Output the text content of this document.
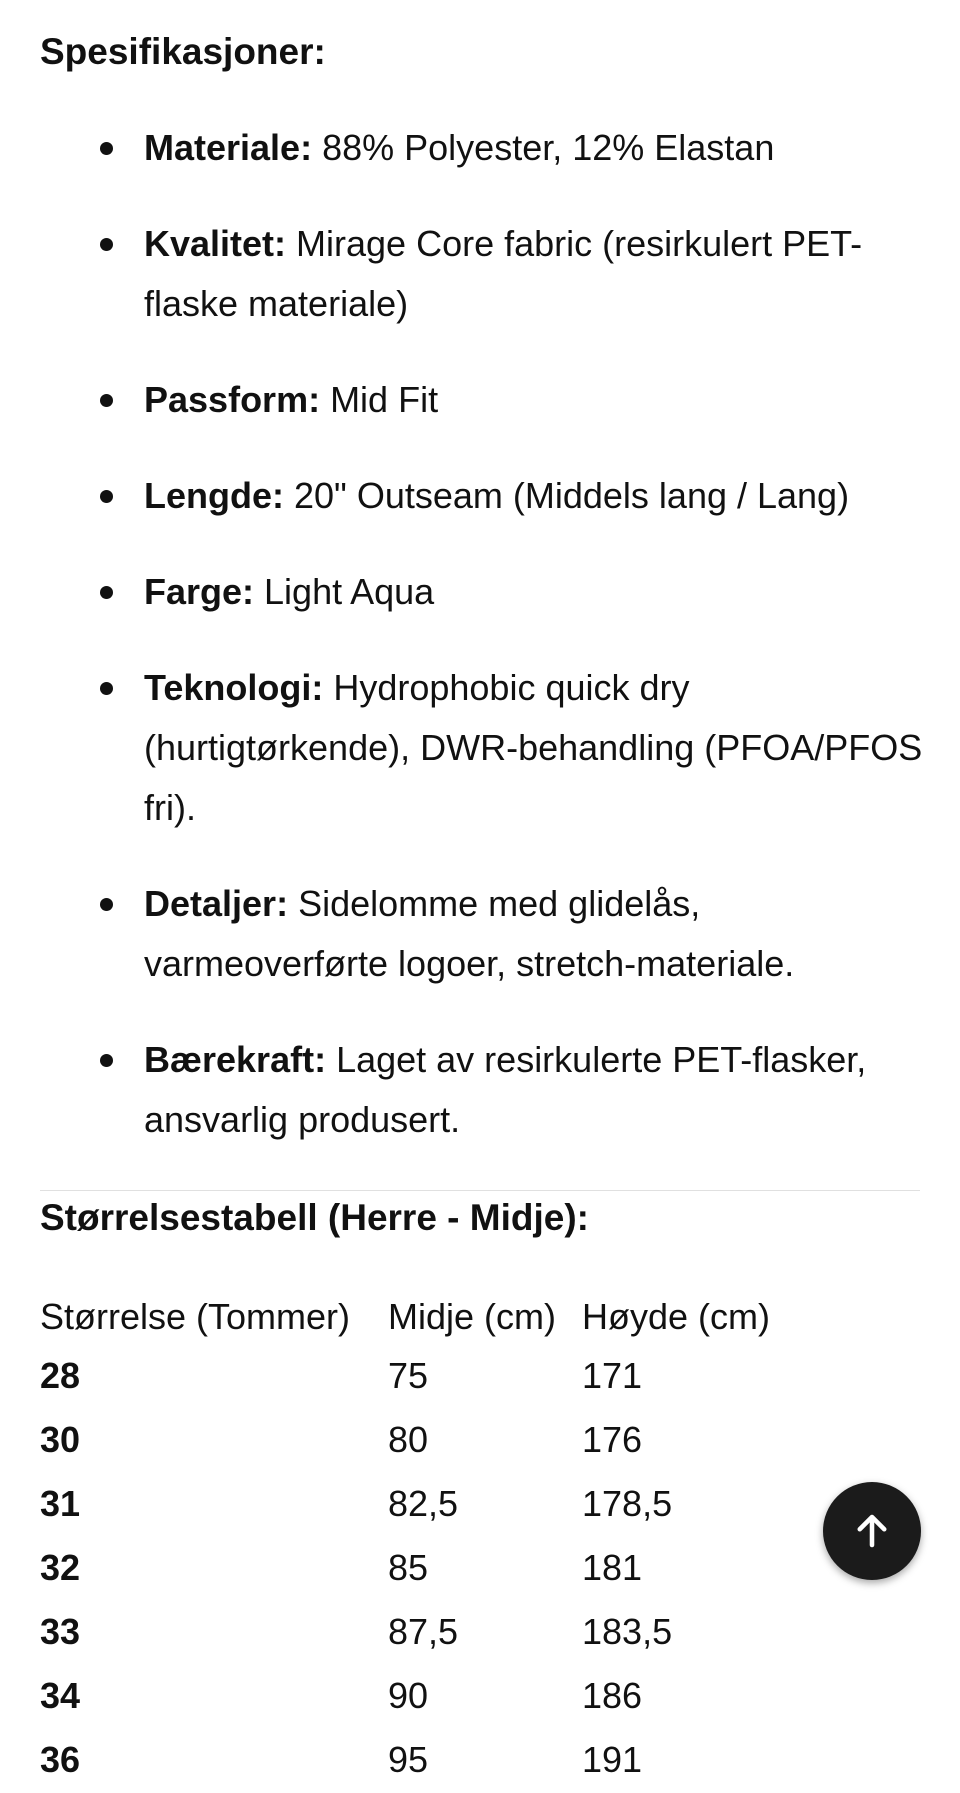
Spesifikasjoner:
Materiale: 88% Polyester, 12% Elastan
Kvalitet: Mirage Core fabric (resirkulert PET-flaske materiale)
Passform: Mid Fit
Lengde: 20" Outseam (Middels lang / Lang)
Farge: Light Aqua
Teknologi: Hydrophobic quick dry (hurtigtørkende), DWR-behandling (PFOA/PFOS fri).
Detaljer: Sidelomme med glidelås, varmeoverførte logoer, stretch-materiale.
Bærekraft: Laget av resirkulerte PET-flasker, ansvarlig produsert.
Størrelsestabell (Herre - Midje):
Størrelse (Tommer)	Midje (cm)	Høyde (cm)
28	75	171
30	80	176
31	82,5	178,5
32	85	181
33	87,5	183,5
34	90	186
36	95	191
